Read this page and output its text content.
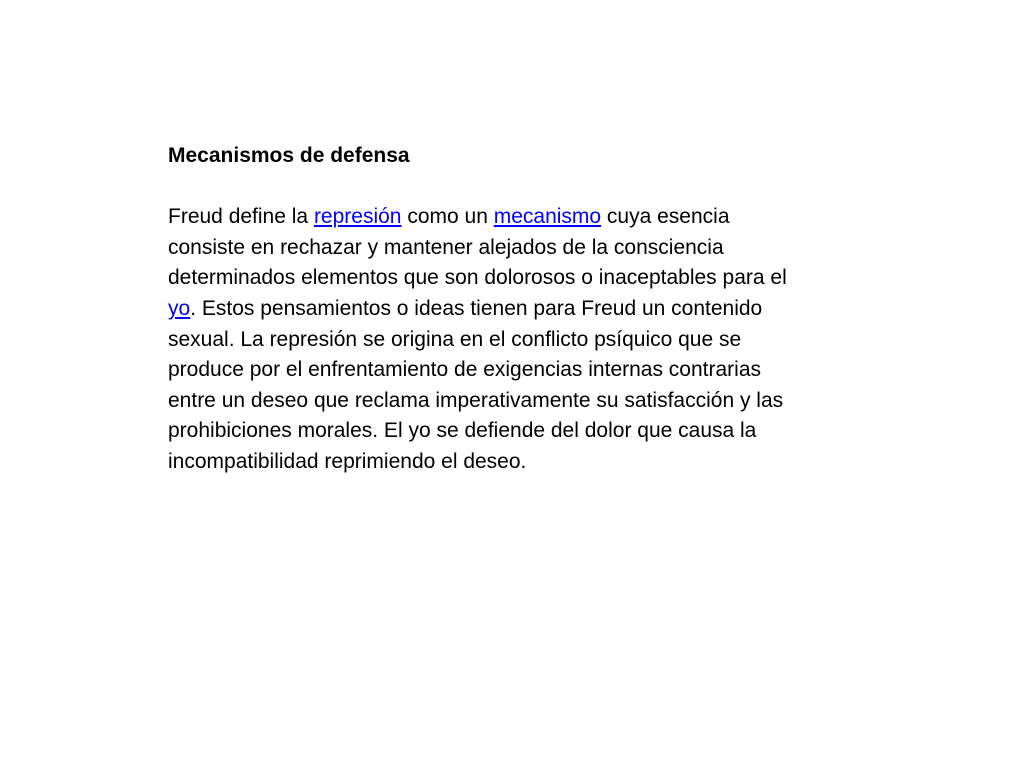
Mecanismos de defensa
Freud define la represión como un mecanismo cuya esencia
consiste en rechazar y mantener alejados de la consciencia
determinados elementos que son dolorosos o inaceptables para el
yo. Estos pensamientos o ideas tienen para Freud un contenido
sexual. La represión se origina en el conflicto psíquico que se
produce por el enfrentamiento de exigencias internas contrarias
entre un deseo que reclama imperativamente su satisfacción y las
prohibiciones morales. El yo se defiende del dolor que causa la
incompatibilidad reprimiendo el deseo.
